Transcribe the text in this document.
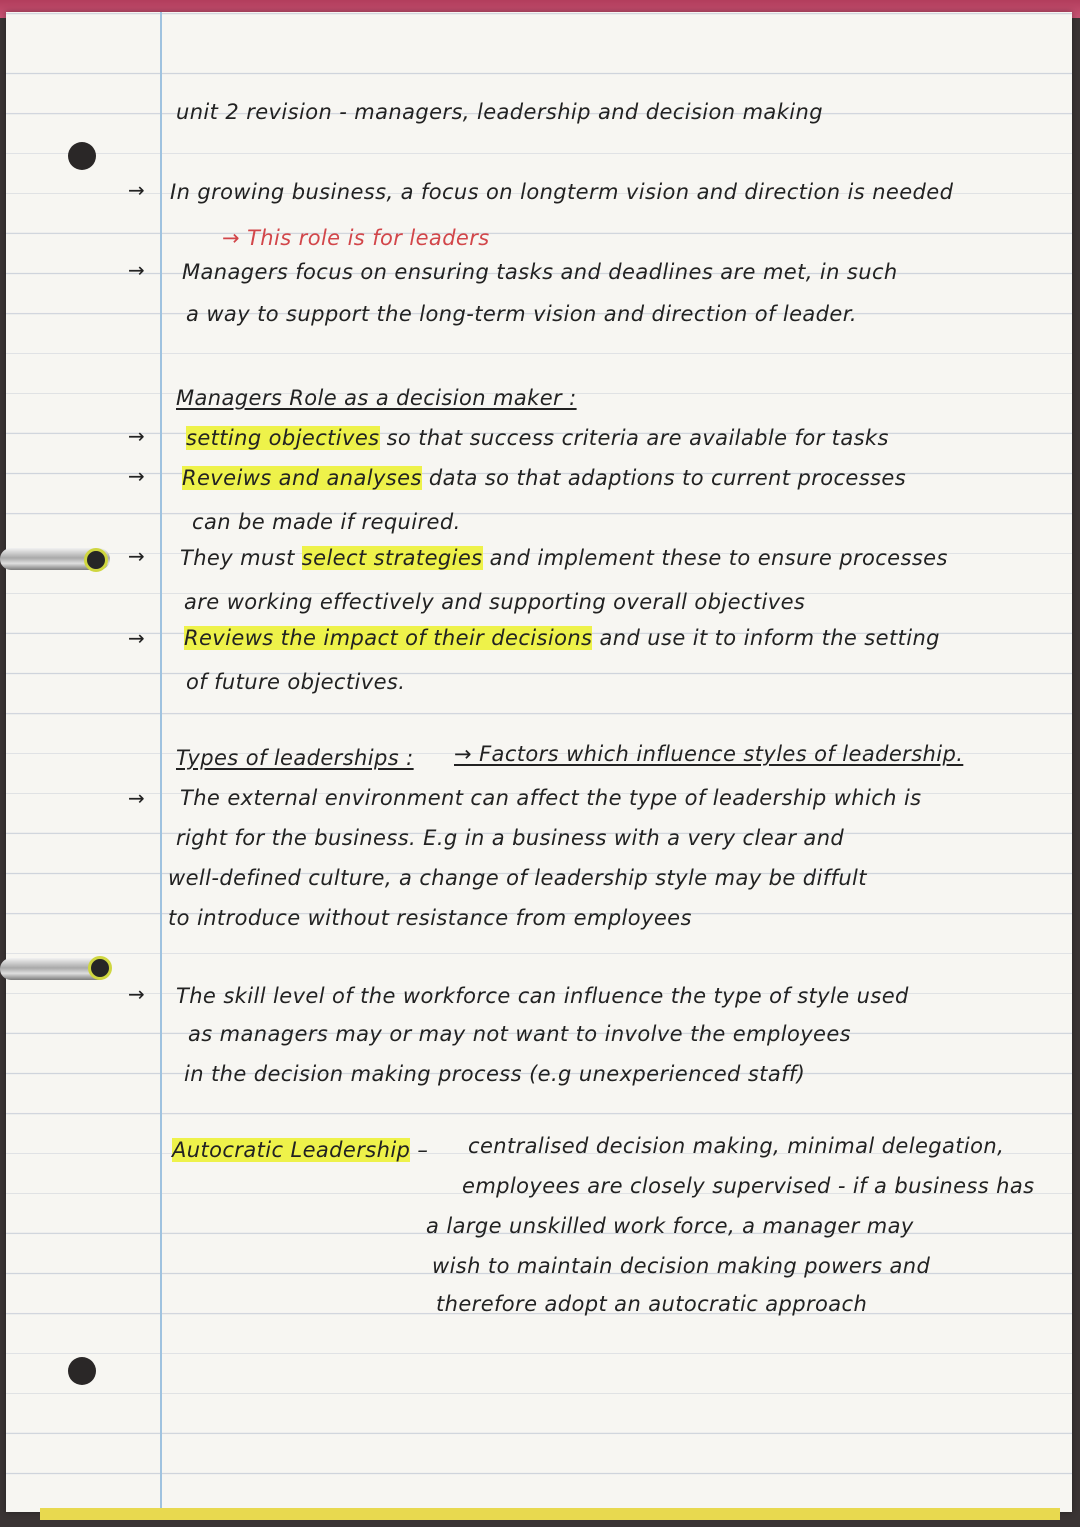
unit 2 revision - managers, leadership and decision making
→ In growing business, a focus on longterm vision and direction is needed
→ This role is for leaders
→ Managers focus on ensuring tasks and deadlines are met, in such
a way to support the long-term vision and direction of leader.
Managers Role as a decision maker :
→ setting objectives so that success criteria are available for tasks
→ Reveiws and analyses data so that adaptions to current processes
can be made if required.
→ They must select strategies and implement these to ensure processes
are working effectively and supporting overall objectives
→ Reviews the impact of their decisions and use it to inform the setting
of future objectives.
Types of leaderships : → Factors which influence styles of leadership.
→ The external environment can affect the type of leadership which is
right for the business. E.g in a business with a very clear and
well-defined culture, a change of leadership style may be diffult
to introduce without resistance from employees
→ The skill level of the workforce can influence the type of style used
as managers may or may not want to involve the employees
in the decision making process (e.g unexperienced staff)
Autocratic Leadership – centralised decision making, minimal delegation,
employees are closely supervised - if a business has
a large unskilled work force, a manager may
wish to maintain decision making powers and
therefore adopt an autocratic approach
